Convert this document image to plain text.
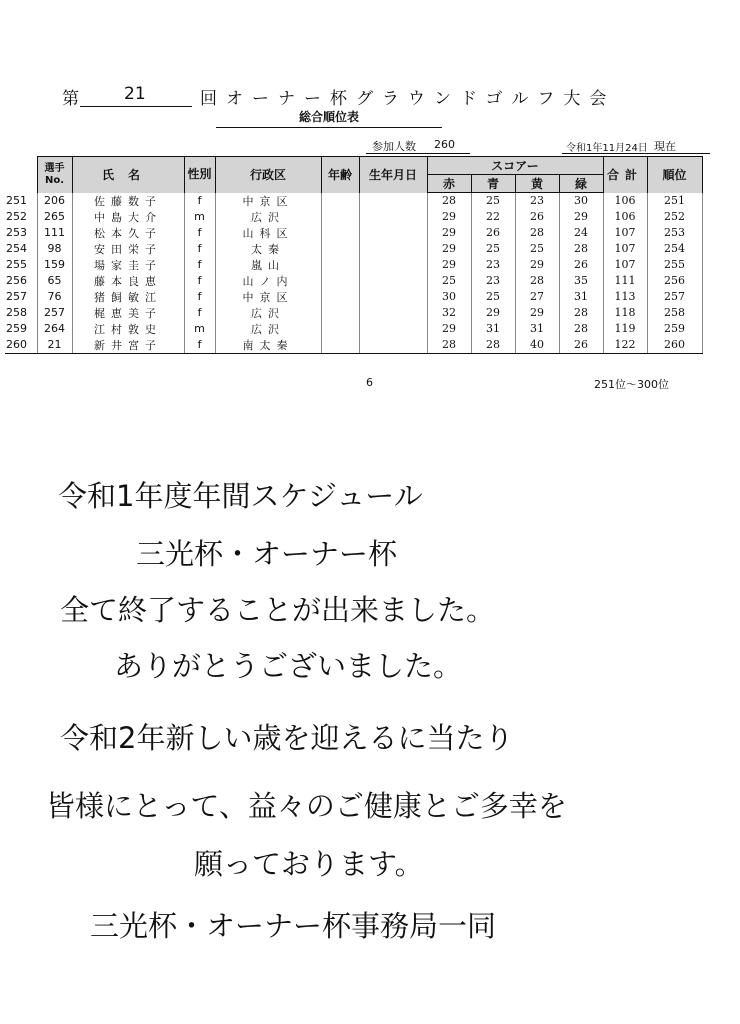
第	21	回オーナー杯グラウンドゴルフ大会
総合順位表
参加人数 260	令和1年11月24日 現在
	選手No.	氏名	性別	行政区	年齢	生年月日	スコアー				合計	順位
							赤	青	黄	緑		
251	206	佐藤数子	f	中京区			28	25	23	30	106	251
252	265	中島大介	m	広沢			29	22	26	29	106	252
253	111	松本久子	f	山科区			29	26	28	24	107	253
254	98	安田栄子	f	太秦			29	25	25	28	107	254
255	159	場家圭子	f	嵐山			29	23	29	26	107	255
256	65	藤本良恵	f	山ノ内			25	23	28	35	111	256
257	76	猪飼敏江	f	中京区			30	25	27	31	113	257
258	257	梶恵美子	f	広沢			32	29	29	28	118	258
259	264	江村敦史	m	広沢			29	31	31	28	119	259
260	21	新井宮子	f	南太秦			28	28	40	26	122	260
6	251位～300位
令和1年度年間スケジュール
三光杯・オーナー杯
全て終了することが出来ました。
ありがとうございました。
令和2年新しい歳を迎えるに当たり
皆様にとって、益々のご健康とご多幸を
願っております。
三光杯・オーナー杯事務局一同
